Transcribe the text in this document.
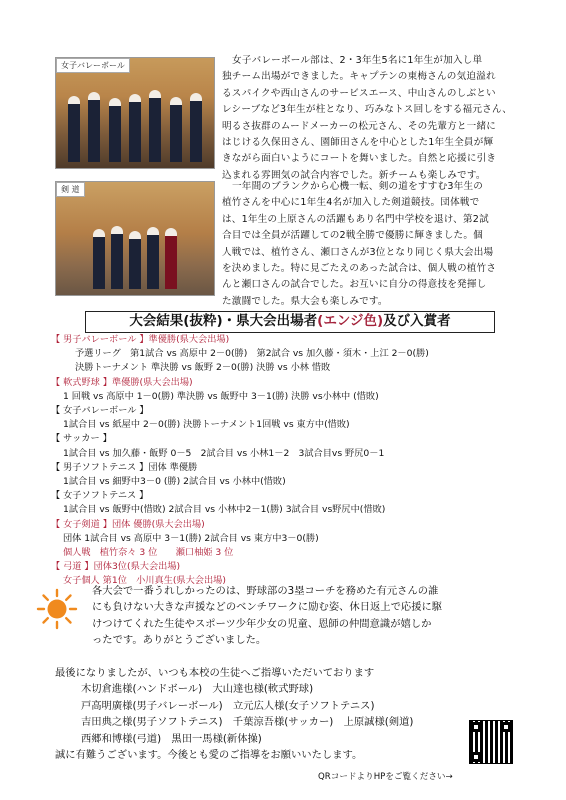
女子バレーボール	女子バレーボール部は、2・3年生5名に1年生が加入し単
独チーム出場ができました。キャプテンの東梅さんの気迫溢れ
るスパイクや西山さんのサービスエース、中山さんのしぶとい
レシーブなど3年生が柱となり、巧みなトス回しをする福元さん、
明るさ抜群のムードメーカーの松元さん、その先輩方と一緒に
はじける久保田さん、園師田さんを中心とした1年生全員が輝
きながら面白いようにコートを舞いました。自然と応援に引き
込まれる雰囲気の試合内容でした。新チームも楽しみです。
剣 道	一年間のブランクから心機一転、剣の道をすすむ3年生の
植竹さんを中心に1年生4名が加入した剣道競技。団体戦で
は、1年生の上原さんの活躍もあり名門中学校を退け、第2試
合目では全員が活躍しての2戦全勝で優勝に輝きました。個
人戦では、植竹さん、瀬口さんが3位となり同じく県大会出場
を決めました。特に見ごたえのあった試合は、個人戦の植竹さ
んと瀬口さんの試合でした。お互いに自分の得意技を発揮し
た激闘でした。県大会も楽しみです。
大会結果(抜粋)・県大会出場者(エンジ色)及び入賞者
【 男子バレーボール 】準優勝(県大会出場)
予選リーグ　第1試合 vs 高原中 2－0(勝)　第2試合 vs 加久藤・須木・上江 2－0(勝)
決勝トーナメント 準決勝 vs 飯野 2－0(勝) 決勝 vs 小林 惜敗
【 軟式野球 】準優勝(県大会出場)
1 回戦 vs 高原中 1－0(勝) 準決勝 vs 飯野中 3－1(勝) 決勝 vs小林中 (惜敗)
【 女子バレーボール 】
1試合目 vs 紙屋中 2－0(勝) 決勝トーナメント1回戦 vs 東方中(惜敗)
【 サッカー 】
1試合目 vs 加久藤・飯野 0－5　2試合目 vs 小林1－2　3試合目vs 野尻0－1
【 男子ソフトテニス 】団体 準優勝
1試合目 vs 細野中3－0 (勝) 2試合目 vs 小林中(惜敗)
【 女子ソフトテニス 】
1試合目 vs 飯野中(惜敗) 2試合目 vs 小林中2－1(勝) 3試合目 vs野尻中(惜敗)
【 女子剣道 】団体 優勝(県大会出場)
団体 1試合目 vs 高原中 3－1(勝) 2試合目 vs 東方中3－0(勝)
個人戦　植竹奈々 3 位　　瀬口柚姫 3 位
【 弓道 】団体3位(県大会出場)
女子個人 第1位　小川真生(県大会出場)
各大会で一番うれしかったのは、野球部の3塁コーチを務めた有元さんの誰
にも負けない大きな声援などのベンチワークに励む姿、休日返上で応援に駆
けつけてくれた生徒やスポーツ少年少女の児童、恩師の仲間意識が嬉しか
ったです。ありがとうございました。
最後になりましたが、いつも本校の生徒へご指導いただいております
木切倉進様(ハンドボール)　大山達也様(軟式野球)
戸高明廣様(男子バレーボール)　立元広人様(女子ソフトテニス)
吉田典之様(男子ソフトテニス)　千葉涼吾様(サッカー)　上原誠様(剣道)
西郷和博様(弓道)　黒田一馬様(新体操)
誠に有難うございます。今後とも愛のご指導をお願いいたします。
QRコードよりHPをご覧ください→
